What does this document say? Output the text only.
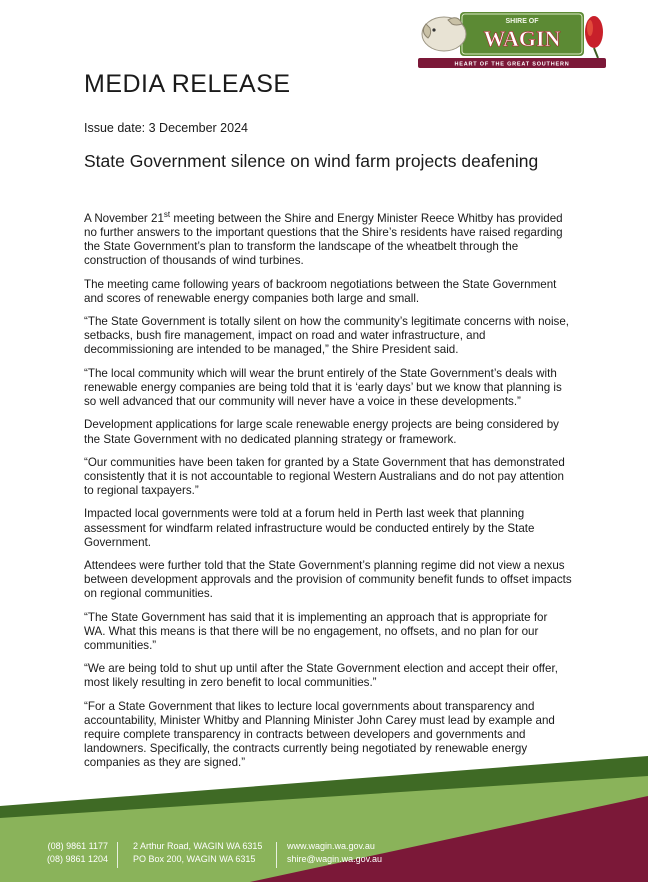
SHIRE OF
WAGIN
HEART OF THE GREAT SOUTHERN
MEDIA RELEASE

Issue date: 3 December 2024

State Government silence on wind farm projects deafening

A November 21st meeting between the Shire and Energy Minister Reece Whitby has provided no further answers to the important questions that the Shire’s residents have raised regarding the State Government’s plan to transform the landscape of the wheatbelt through the construction of thousands of wind turbines.

The meeting came following years of backroom negotiations between the State Government and scores of renewable energy companies both large and small.

“The State Government is totally silent on how the community’s legitimate concerns with noise, setbacks, bush fire management, impact on road and water infrastructure, and decommissioning are intended to be managed,” the Shire President said.

“The local community which will wear the brunt entirely of the State Government’s deals with renewable energy companies are being told that it is ‘early days’ but we know that planning is so well advanced that our community will never have a voice in these developments.”

Development applications for large scale renewable energy projects are being considered by the State Government with no dedicated planning strategy or framework.

“Our communities have been taken for granted by a State Government that has demonstrated consistently that it is not accountable to regional Western Australians and do not pay attention to regional taxpayers.”

Impacted local governments were told at a forum held in Perth last week that planning assessment for windfarm related infrastructure would be conducted entirely by the State Government.

Attendees were further told that the State Government’s planning regime did not view a nexus between development approvals and the provision of community benefit funds to offset impacts on regional communities.

“The State Government has said that it is implementing an approach that is appropriate for WA. What this means is that there will be no engagement, no offsets, and no plan for our communities.”

“We are being told to shut up until after the State Government election and accept their offer, most likely resulting in zero benefit to local communities.”

“For a State Government that likes to lecture local governments about transparency and accountability, Minister Whitby and Planning Minister John Carey must lead by example and require complete transparency in contracts between developers and governments and landowners. Specifically, the contracts currently being negotiated by renewable energy companies as they are signed.”

(08) 9861 1177
(08) 9861 1204
2 Arthur Road, WAGIN WA 6315
PO Box 200, WAGIN WA 6315
www.wagin.wa.gov.au
shire@wagin.wa.gov.au
